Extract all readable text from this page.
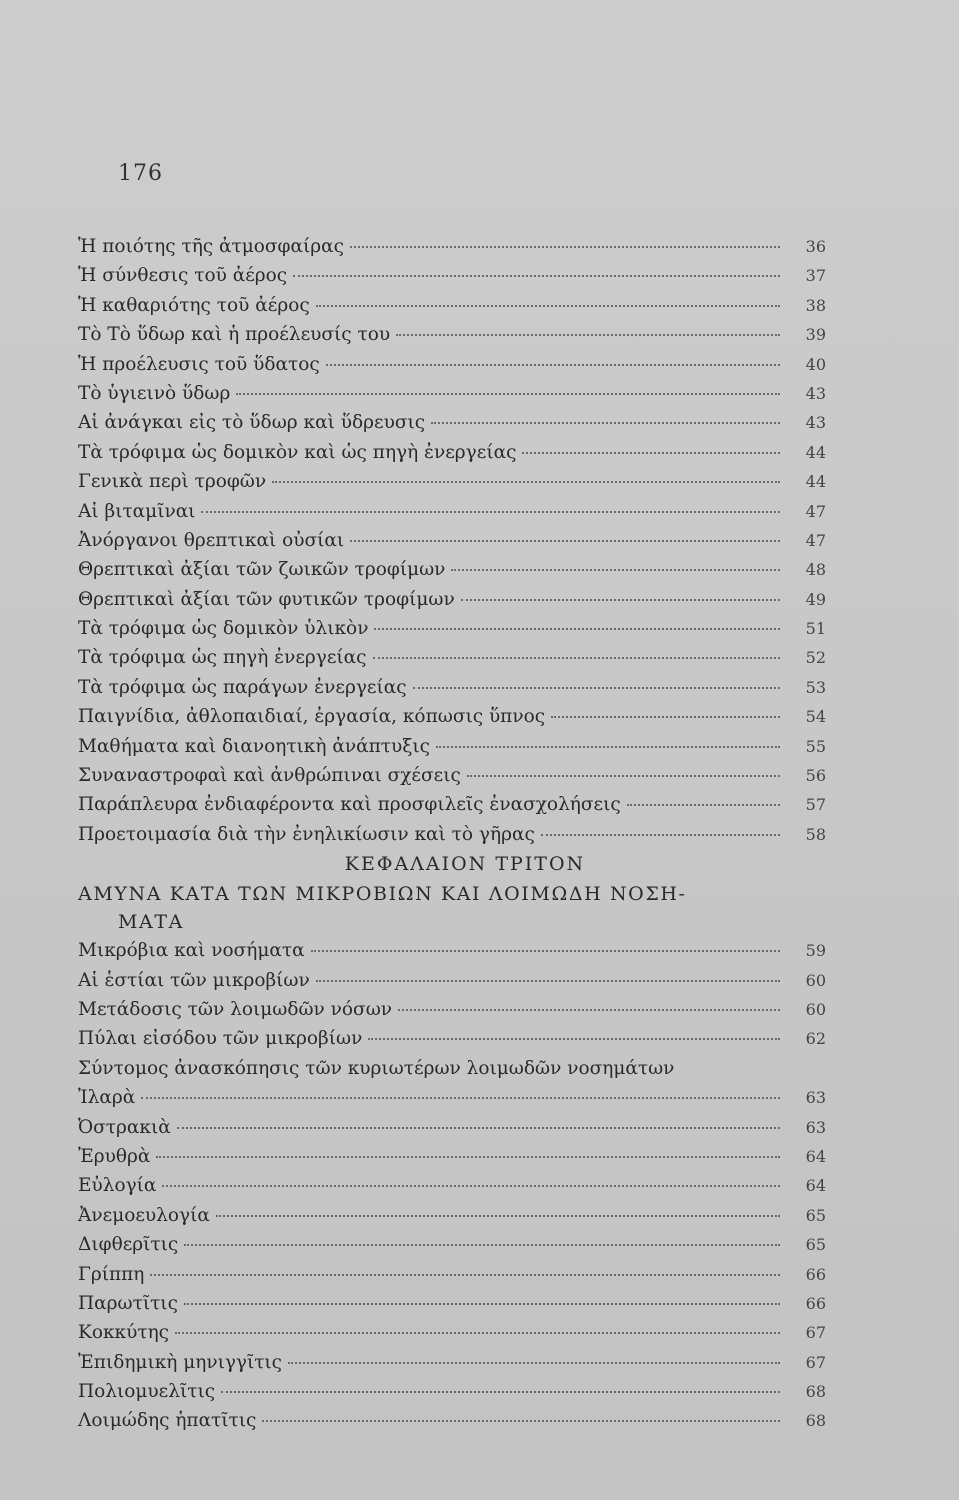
176
Ἡ ποιότης τῆς ἀτμοσφαίρας	36
Ἡ σύνθεσις τοῦ ἀέρος	37
Ἡ καθαριότης τοῦ ἀέρος	38
Τὸ Τὸ ὕδωρ καὶ ἡ προέλευσίς του	39
Ἡ προέλευσις τοῦ ὕδατος	40
Τὸ ὑγιεινὸ ὕδωρ	43
Αἱ ἀνάγκαι εἰς τὸ ὕδωρ καὶ ὕδρευσις	43
Τὰ τρόφιμα ὡς δομικὸν καὶ ὡς πηγὴ ἐνεργείας	44
Γενικὰ περὶ τροφῶν	44
Αἱ βιταμῖναι	47
Ἀνόργανοι θρεπτικαὶ οὐσίαι	47
Θρεπτικαὶ ἀξίαι τῶν ζωικῶν τροφίμων	48
Θρεπτικαὶ ἀξίαι τῶν φυτικῶν τροφίμων	49
Τὰ τρόφιμα ὡς δομικὸν ὑλικὸν	51
Τὰ τρόφιμα ὡς πηγὴ ἐνεργείας	52
Τὰ τρόφιμα ὡς παράγων ἐνεργείας	53
Παιγνίδια, ἀθλοπαιδιαί, ἐργασία, κόπωσις ὕπνος	54
Μαθήματα καὶ διανοητικὴ ἀνάπτυξις	55
Συναναστροφαὶ καὶ ἀνθρώπιναι σχέσεις	56
Παράπλευρα ἐνδιαφέροντα καὶ προσφιλεῖς ἐνασχολήσεις	57
Προετοιμασία διὰ τὴν ἐνηλικίωσιν καὶ τὸ γῆρας	58
ΚΕΦΑΛΑΙΟΝ ΤΡΙΤΟΝ
ΑΜΥΝΑ ΚΑΤΑ ΤΩΝ ΜΙΚΡΟΒΙΩΝ ΚΑΙ ΛΟΙΜΩΔΗ ΝΟΣΗ-
ΜΑΤΑ
Μικρόβια καὶ νοσήματα	59
Αἱ ἑστίαι τῶν μικροβίων	60
Μετάδοσις τῶν λοιμωδῶν νόσων	60
Πύλαι εἰσόδου τῶν μικροβίων	62
Σύντομος ἀνασκόπησις τῶν κυριωτέρων λοιμωδῶν νοσημάτων
Ἰλαρὰ	63
Ὀστρακιὰ	63
Ἐρυθρὰ	64
Εὐλογία	64
Ἀνεμοευλογία	65
Διφθερῖτις	65
Γρίππη	66
Παρωτῖτις	66
Κοκκύτης	67
Ἐπιδημικὴ μηνιγγῖτις	67
Πολιομυελῖτις	68
Λοιμώδης ἡπατῖτις	68
